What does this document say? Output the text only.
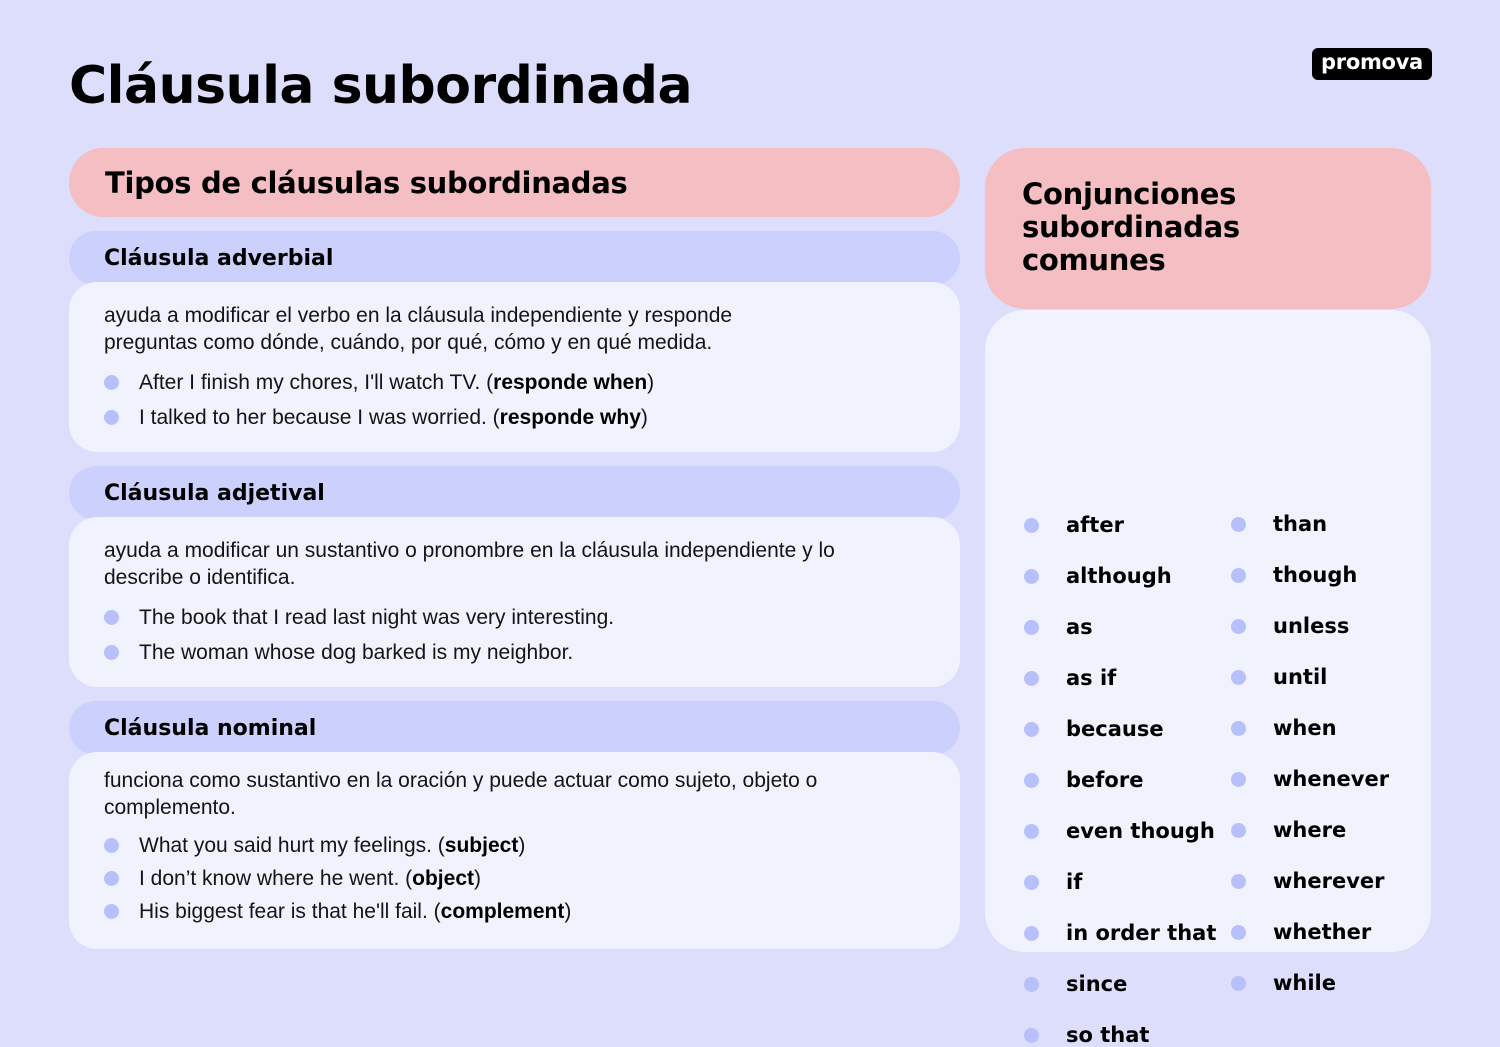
Cláusula subordinada	promova
Tipos de cláusulas subordinadas
Cláusula adverbial
ayuda a modificar el verbo en la cláusula independiente y responde
preguntas como dónde, cuándo, por qué, cómo y en qué medida.
After I finish my chores, I'll watch TV. (responde when)
I talked to her because I was worried. (responde why)
Cláusula adjetival
ayuda a modificar un sustantivo o pronombre en la cláusula independiente y lo
describe o identifica.
The book that I read last night was very interesting.
The woman whose dog barked is my neighbor.
Cláusula nominal
funciona como sustantivo en la oración y puede actuar como sujeto, objeto o
complemento.
What you said hurt my feelings. (subject)
I don’t know where he went. (object)
His biggest fear is that he'll fail. (complement)
Conjunciones
subordinadas
comunes
after
although
as
as if
because
before
even though
if
in order that
since
so that
than
though
unless
until
when
whenever
where
wherever
whether
while
